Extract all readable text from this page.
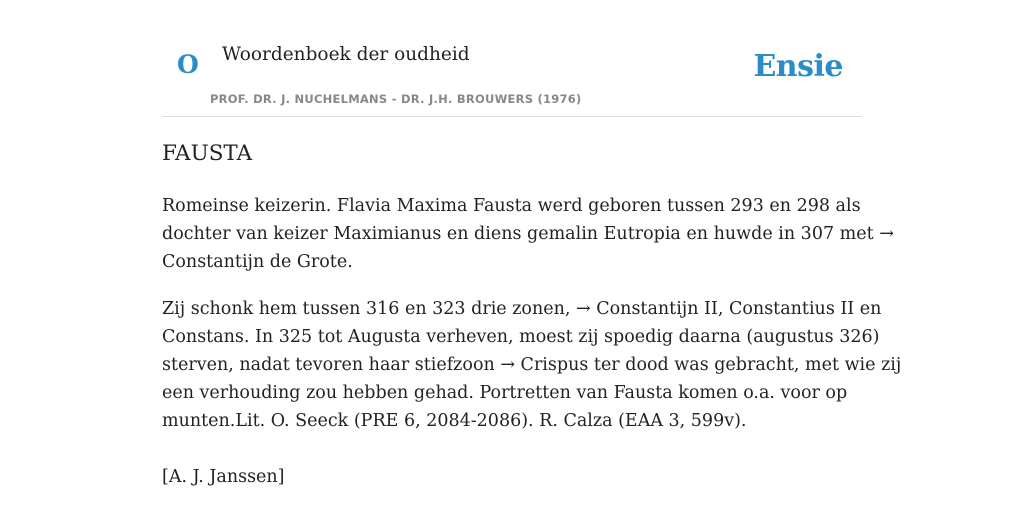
O Woordenboek der oudheid
PROF. DR. J. NUCHELMANS - DR. J.H. BROUWERS (1976)
Ensie
FAUSTA
Romeinse keizerin. Flavia Maxima Fausta werd geboren tussen 293 en 298 als
dochter van keizer Maximianus en diens gemalin Eutropia en huwde in 307 met →
Constantijn de Grote.
Zij schonk hem tussen 316 en 323 drie zonen, → Constantijn II, Constantius II en
Constans. In 325 tot Augusta verheven, moest zij spoedig daarna (augustus 326)
sterven, nadat tevoren haar stiefzoon → Crispus ter dood was gebracht, met wie zij
een verhouding zou hebben gehad. Portretten van Fausta komen o.a. voor op
munten.Lit. O. Seeck (PRE 6, 2084-2086). R. Calza (EAA 3, 599v).
[A. J. Janssen]
